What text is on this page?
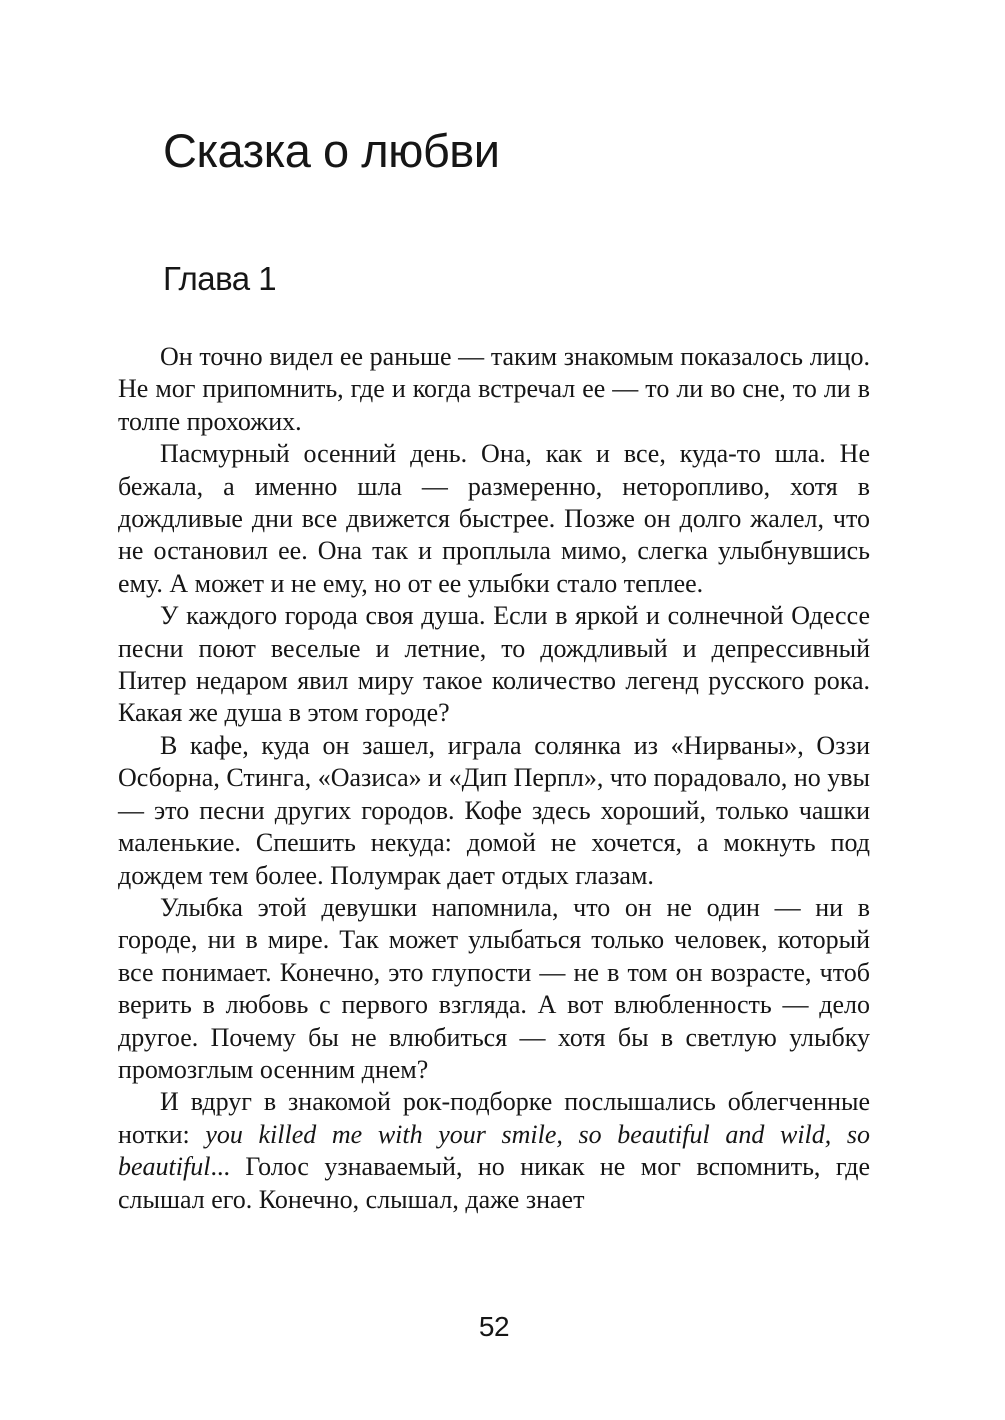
Сказка о любви
Глава 1

Он точно видел ее раньше — таким знакомым показалось лицо. Не мог припомнить, где и когда встречал ее — то ли во сне, то ли в толпе прохожих.

Пасмурный осенний день. Она, как и все, куда-то шла. Не бежала, а именно шла — размеренно, неторопливо, хотя в дождливые дни все движется быстрее. Позже он долго жалел, что не остановил ее. Она так и проплыла мимо, слегка улыбнувшись ему. А может и не ему, но от ее улыбки стало теплее.

У каждого города своя душа. Если в яркой и солнечной Одессе песни поют веселые и летние, то дождливый и депрессивный Питер недаром явил миру такое количество легенд русского рока. Какая же душа в этом городе?

В кафе, куда он зашел, играла солянка из «Нирваны», Оззи Осборна, Стинга, «Оазиса» и «Дип Перпл», что порадовало, но увы — это песни других городов. Кофе здесь хороший, только чашки маленькие. Спешить некуда: домой не хочется, а мокнуть под дождем тем более. Полумрак дает отдых глазам.

Улыбка этой девушки напомнила, что он не один — ни в городе, ни в мире. Так может улыбаться только человек, который все понимает. Конечно, это глупости — не в том он возрасте, чтоб верить в любовь с первого взгляда. А вот влюбленность — дело другое. Почему бы не влюбиться — хотя бы в светлую улыбку промозглым осенним днем?

И вдруг в знакомой рок-подборке послышались облегченные нотки: you killed me with your smile, so beautiful and wild, so beautiful... Голос узнаваемый, но никак не мог вспомнить, где слышал его. Конечно, слышал, даже знает

52
